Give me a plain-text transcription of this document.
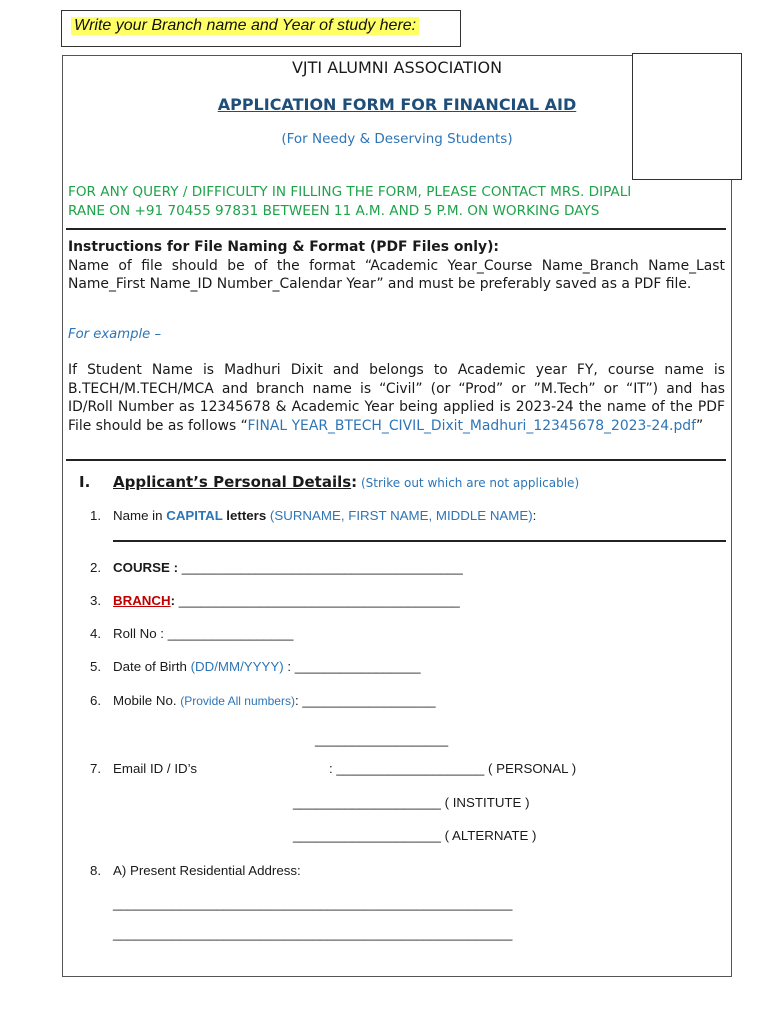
Write your Branch name and Year of study here:
VJTI ALUMNI ASSOCIATION
APPLICATION FORM FOR FINANCIAL AID
(For Needy & Deserving Students)
FOR ANY QUERY / DIFFICULTY IN FILLING THE FORM, PLEASE CONTACT MRS. DIPALI
RANE ON +91 70455 97831 BETWEEN 11 A.M. AND 5 P.M. ON WORKING DAYS
Instructions for File Naming & Format (PDF Files only):
Name of file should be of the format “Academic Year_Course Name_Branch Name_Last Name_First Name_ID Number_Calendar Year” and must be preferably saved as a PDF file.
For example –
If Student Name is Madhuri Dixit and belongs to Academic year FY, course name is B.TECH/M.TECH/MCA and branch name is “Civil” (or “Prod” or ”M.Tech” or “IT”) and has ID/Roll Number as 12345678 & Academic Year being applied is 2023-24 the name of the PDF File should be as follows “FINAL YEAR_BTECH_CIVIL_Dixit_Madhuri_12345678_2023-24.pdf”
I. Applicant’s Personal Details: (Strike out which are not applicable)
1. Name in CAPITAL letters (SURNAME, FIRST NAME, MIDDLE NAME):
2. COURSE : ______________________________________
3. BRANCH: ______________________________________
4. Roll No : _________________
5. Date of Birth (DD/MM/YYYY) : _________________
6. Mobile No. (Provide All numbers): __________________
__________________
7. Email ID / ID’s	: ____________________ ( PERSONAL )
____________________ ( INSTITUTE )
____________________ ( ALTERNATE )
8. A) Present Residential Address:
______________________________________________________
______________________________________________________
